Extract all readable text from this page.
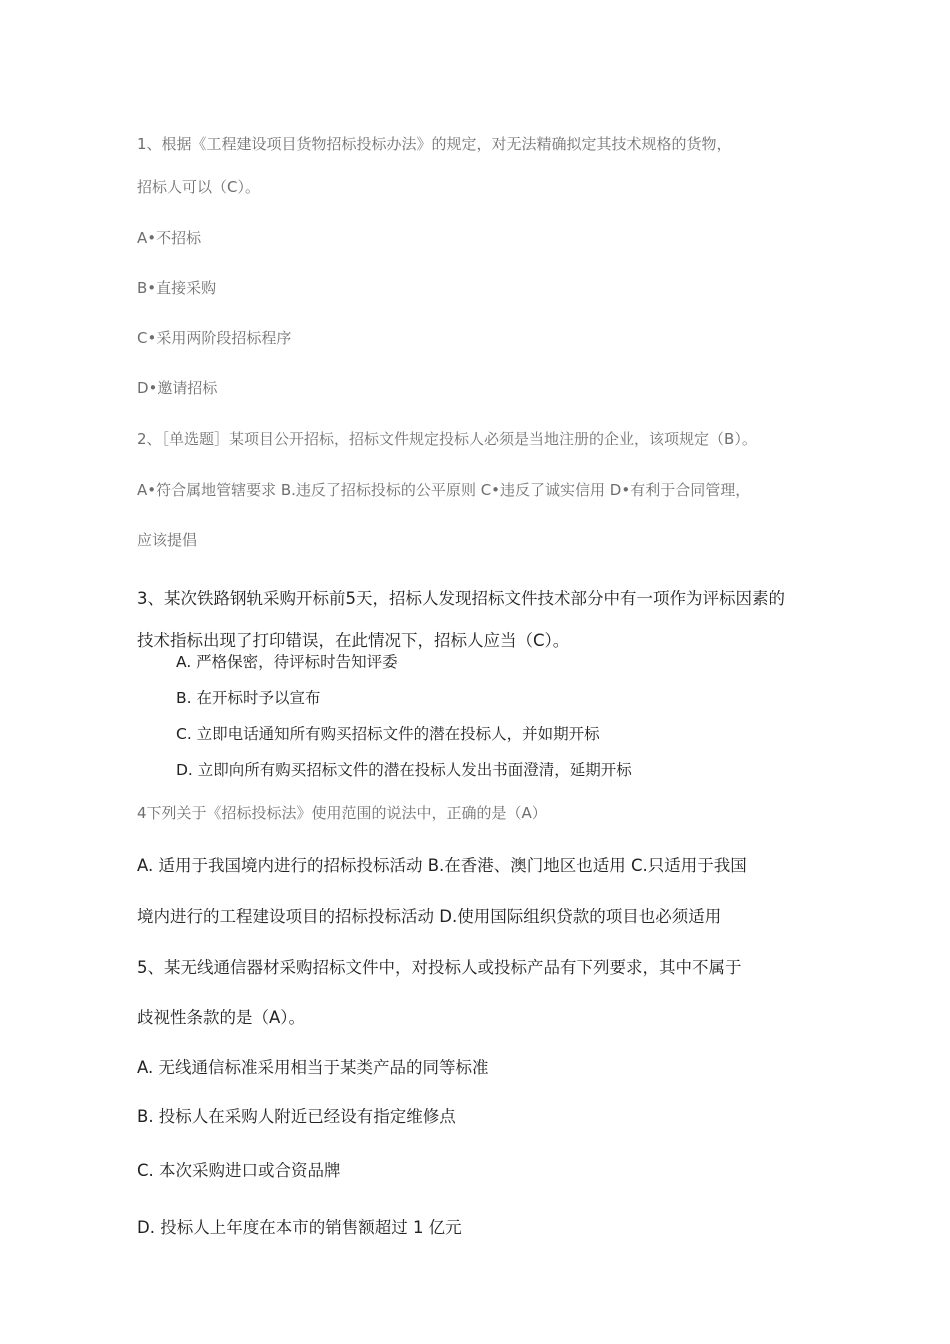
1、根据《工程建设项目货物招标投标办法》的规定，对无法精确拟定其技术规格的货物，

招标人可以（C）。

A•不招标

B•直接采购

C•采用两阶段招标程序

D•邀请招标

2、［单选题］某项目公开招标，招标文件规定投标人必须是当地注册的企业，该项规定（B）。

A•符合属地管辖要求 B.违反了招标投标的公平原则 C•违反了诚实信用 D•有利于合同管理，

应该提倡

3、某次铁路钢轨采购开标前5天，招标人发现招标文件技术部分中有一项作为评标因素的

技术指标出现了打印错误，在此情况下，招标人应当（C）。

A. 严格保密，待评标时告知评委

B. 在开标时予以宣布

C. 立即电话通知所有购买招标文件的潜在投标人，并如期开标

D. 立即向所有购买招标文件的潜在投标人发出书面澄清，延期开标

4下列关于《招标投标法》使用范围的说法中，正确的是（A）

A. 适用于我国境内进行的招标投标活动 B.在香港、澳门地区也适用 C.只适用于我国

境内进行的工程建设项目的招标投标活动 D.使用国际组织贷款的项目也必须适用

5、某无线通信器材采购招标文件中，对投标人或投标产品有下列要求，其中不属于

歧视性条款的是（A）。

A. 无线通信标准采用相当于某类产品的同等标准

B. 投标人在采购人附近已经设有指定维修点

C. 本次采购进口或合资品牌

D. 投标人上年度在本市的销售额超过 1 亿元
